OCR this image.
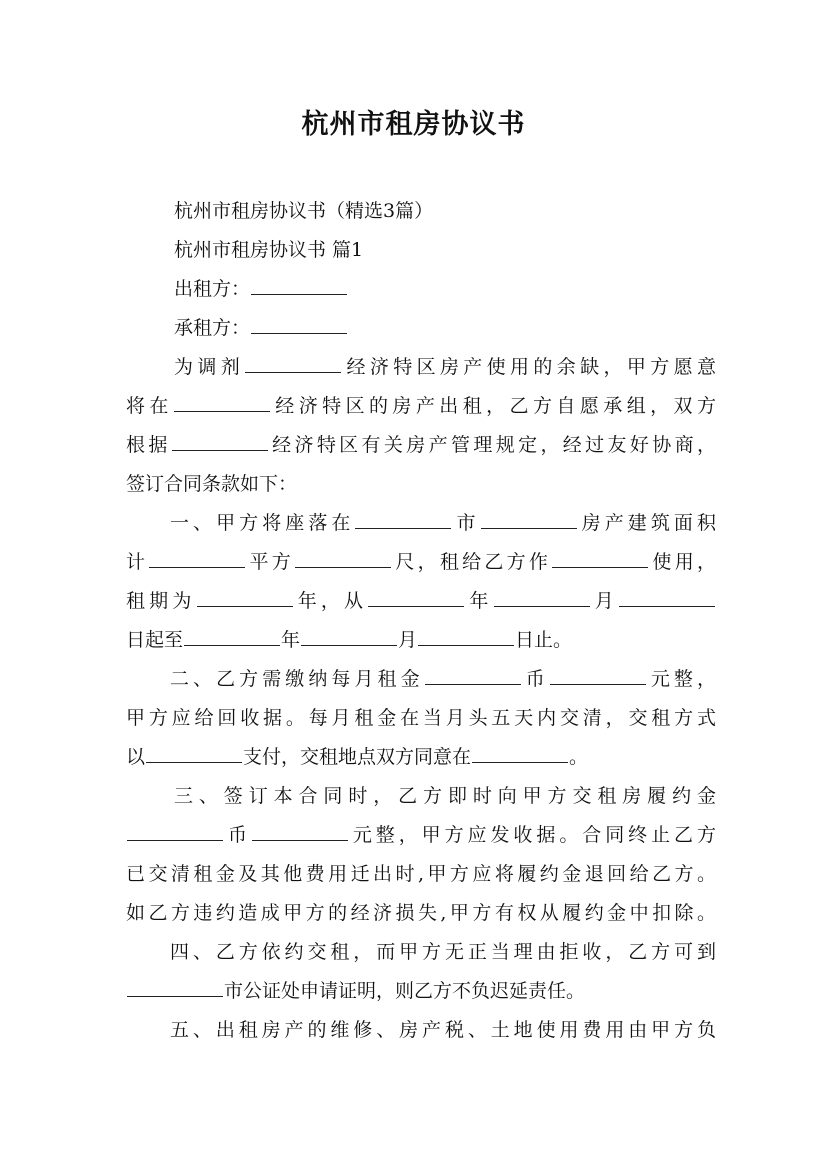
杭州市租房协议书
杭州市租房协议书（精选3篇）
杭州市租房协议书 篇1
出租方：
承租方：
为调剂	经济特区房产使用的余缺，甲方愿意
将在	经济特区的房产出租，乙方自愿承组，双方
根据	经济特区有关房产管理规定，经过友好协商，
签订合同条款如下：
一、甲方将座落在	市	房产建筑面积
计	平方	尺，租给乙方作	使用，
租期为	年，从	年	月
日起至	年	月	日止。
二、乙方需缴纳每月租金	币	元整，
甲方应给回收据。每月租金在当月头五天内交清，交租方式
以	支付，交租地点双方同意在	。
三、签订本合同时，乙方即时向甲方交租房履约金
币	元整，甲方应发收据。合同终止乙方
已交清租金及其他费用迁出时,甲方应将履约金退回给乙方。
如乙方违约造成甲方的经济损失,甲方有权从履约金中扣除。
四、乙方依约交租，而甲方无正当理由拒收，乙方可到
市公证处申请证明，则乙方不负迟延责任。
五、出租房产的维修、房产税、土地使用费用由甲方负
